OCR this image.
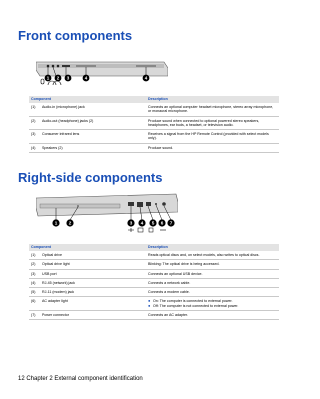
Front components
1 2 3	4	4
Component		Description
(1)	Audio-in (microphone) jack	Connects an optional computer headset microphone, stereo array microphone, or monaural microphone.
(2)	Audio-out (headphone) jacks (2)	Produce sound when connected to optional powered stereo speakers, headphones, ear buds, a headset, or television audio.
(3)	Consumer infrared lens	Receives a signal from the HP Remote Control (provided with select models only).
(4)	Speakers (2)	Produce sound.
Right-side components
1 2	3 4 5 6 7
Component		Description
(1)	Optical drive	Reads optical discs and, on select models, also writes to optical discs.
(2)	Optical drive light	Blinking: The optical drive is being accessed.
(3)	USB port	Connects an optional USB device.
(4)	RJ-45 (network) jack	Connects a network cable.
(5)	RJ-11 (modem) jack	Connects a modem cable.
(6)	AC adapter light	● On: The computer is connected to external power.
● Off: The computer is not connected to external power.

(7)	Power connector	Connects an AC adapter.
12 Chapter 2 External component identification
